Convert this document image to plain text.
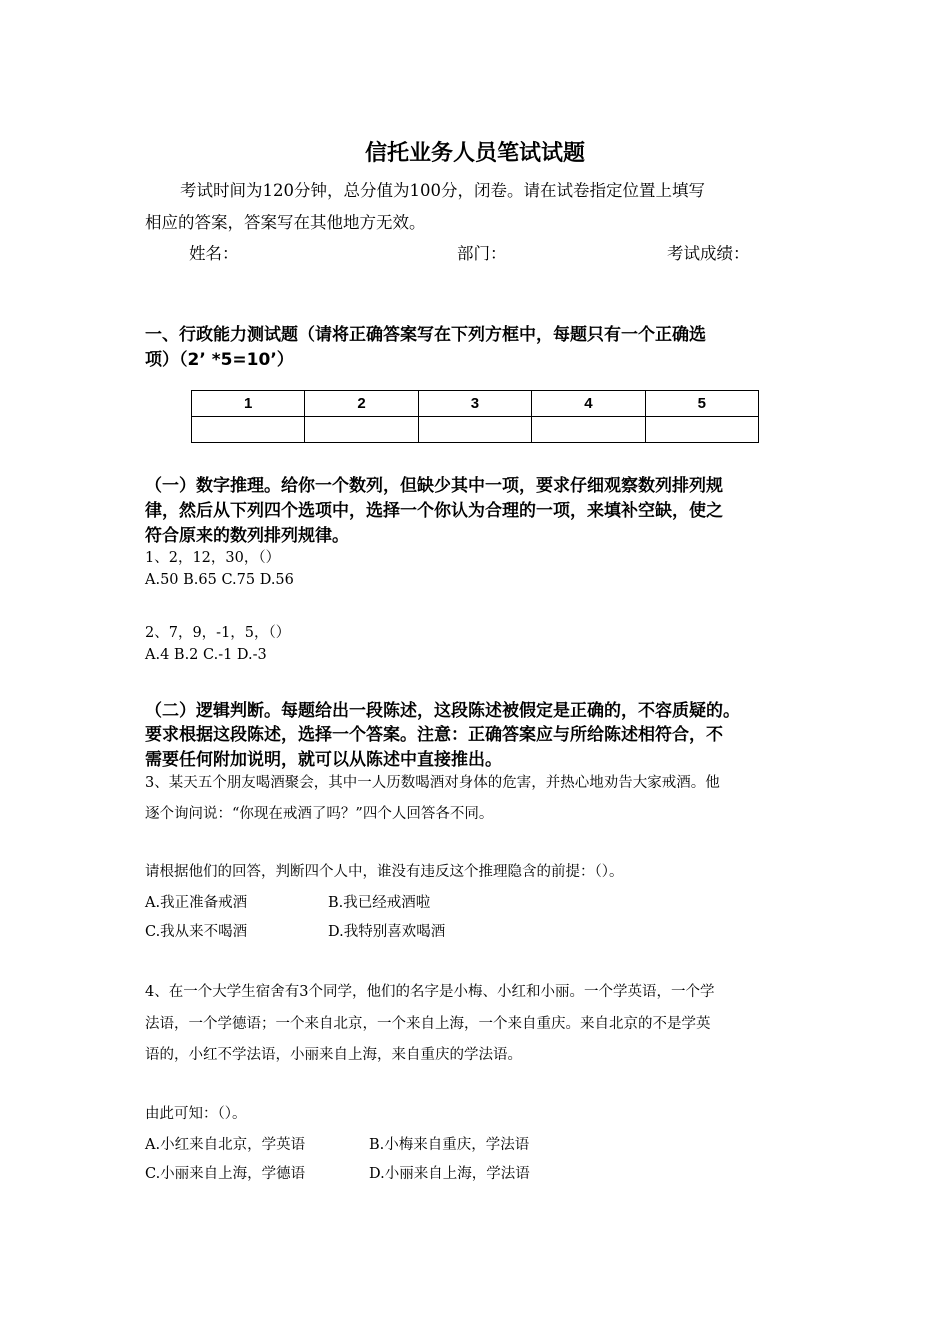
信托业务人员笔试试题
考试时间为120分钟，总分值为100分，闭卷。请在试卷指定位置上填写
相应的答案，答案写在其他地方无效。
姓名：	部门：	考试成绩：
一、行政能力测试题（请将正确答案写在下列方框中，每题只有一个正确选
项）（2’ *5=10’）
1	2	3	4	5

（一）数字推理。给你一个数列，但缺少其中一项，要求仔细观察数列排列规
律，然后从下列四个选项中，选择一个你认为合理的一项，来填补空缺，使之
符合原来的数列排列规律。
1、2，12，30，（）
A.50 B.65 C.75 D.56
2、7，9，-1，5，（）
A.4 B.2 C.-1 D.-3
（二）逻辑判断。每题给出一段陈述，这段陈述被假定是正确的，不容质疑的。
要求根据这段陈述，选择一个答案。注意：正确答案应与所给陈述相符合，不
需要任何附加说明，就可以从陈述中直接推出。
3、某天五个朋友喝酒聚会，其中一人历数喝酒对身体的危害，并热心地劝告大家戒酒。他
逐个询问说：“你现在戒酒了吗？”四个人回答各不同。
请根据他们的回答，判断四个人中，谁没有违反这个推理隐含的前提：（）。
A.我正准备戒酒	B.我已经戒酒啦
C.我从来不喝酒	D.我特别喜欢喝酒
4、在一个大学生宿舍有3个同学，他们的名字是小梅、小红和小丽。一个学英语，一个学
法语，一个学德语；一个来自北京，一个来自上海，一个来自重庆。来自北京的不是学英
语的，小红不学法语，小丽来自上海，来自重庆的学法语。
由此可知：（）。
A.小红来自北京，学英语	B.小梅来自重庆，学法语
C.小丽来自上海，学德语	D.小丽来自上海，学法语
